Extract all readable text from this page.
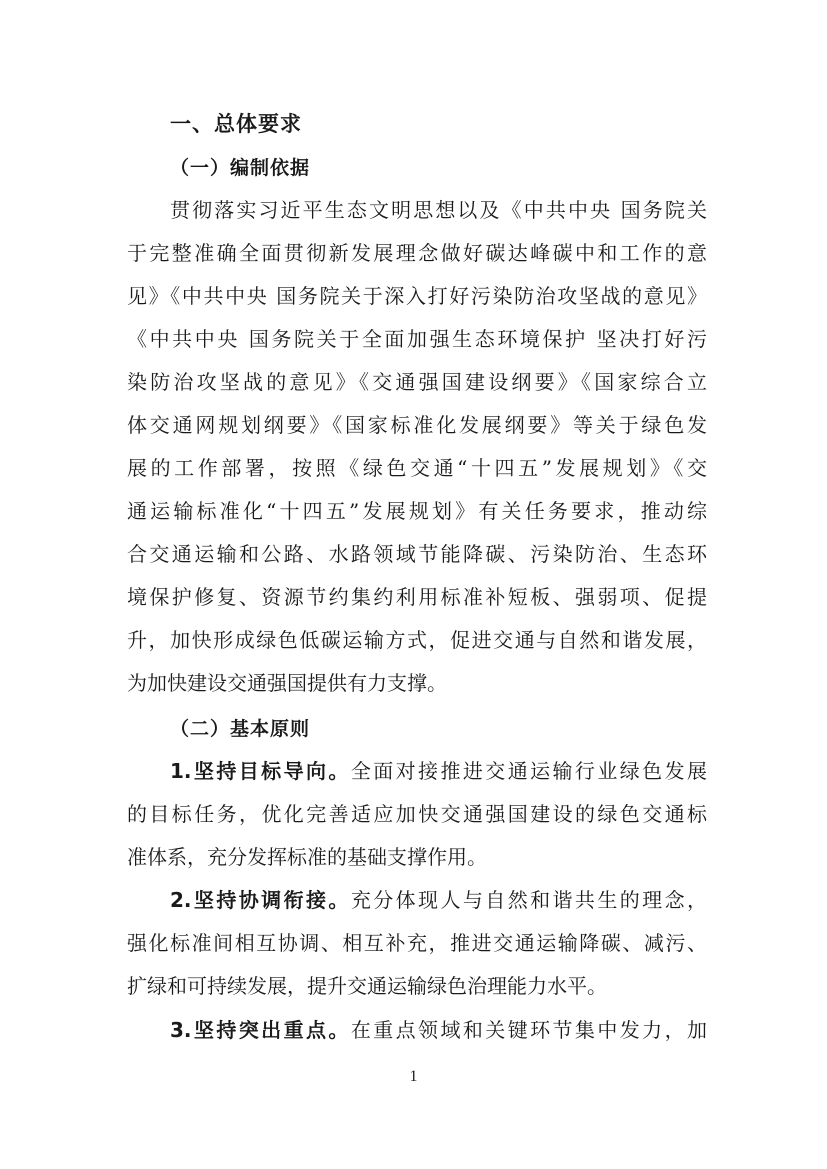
一、总体要求
（一）编制依据
贯彻落实习近平生态文明思想以及《中共中央 国务院关
于完整准确全面贯彻新发展理念做好碳达峰碳中和工作的意
见》《中共中央 国务院关于深入打好污染防治攻坚战的意见》
《中共中央 国务院关于全面加强生态环境保护 坚决打好污
染防治攻坚战的意见》《交通强国建设纲要》《国家综合立
体交通网规划纲要》《国家标准化发展纲要》等关于绿色发
展的工作部署，按照《绿色交通“十四五”发展规划》《交
通运输标准化“十四五”发展规划》有关任务要求，推动综
合交通运输和公路、水路领域节能降碳、污染防治、生态环
境保护修复、资源节约集约利用标准补短板、强弱项、促提
升，加快形成绿色低碳运输方式，促进交通与自然和谐发展，
为加快建设交通强国提供有力支撑。
（二）基本原则
1.坚持目标导向。全面对接推进交通运输行业绿色发展
的目标任务，优化完善适应加快交通强国建设的绿色交通标
准体系，充分发挥标准的基础支撑作用。
2.坚持协调衔接。充分体现人与自然和谐共生的理念，
强化标准间相互协调、相互补充，推进交通运输降碳、减污、
扩绿和可持续发展，提升交通运输绿色治理能力水平。
3.坚持突出重点。在重点领域和关键环节集中发力，加
1
